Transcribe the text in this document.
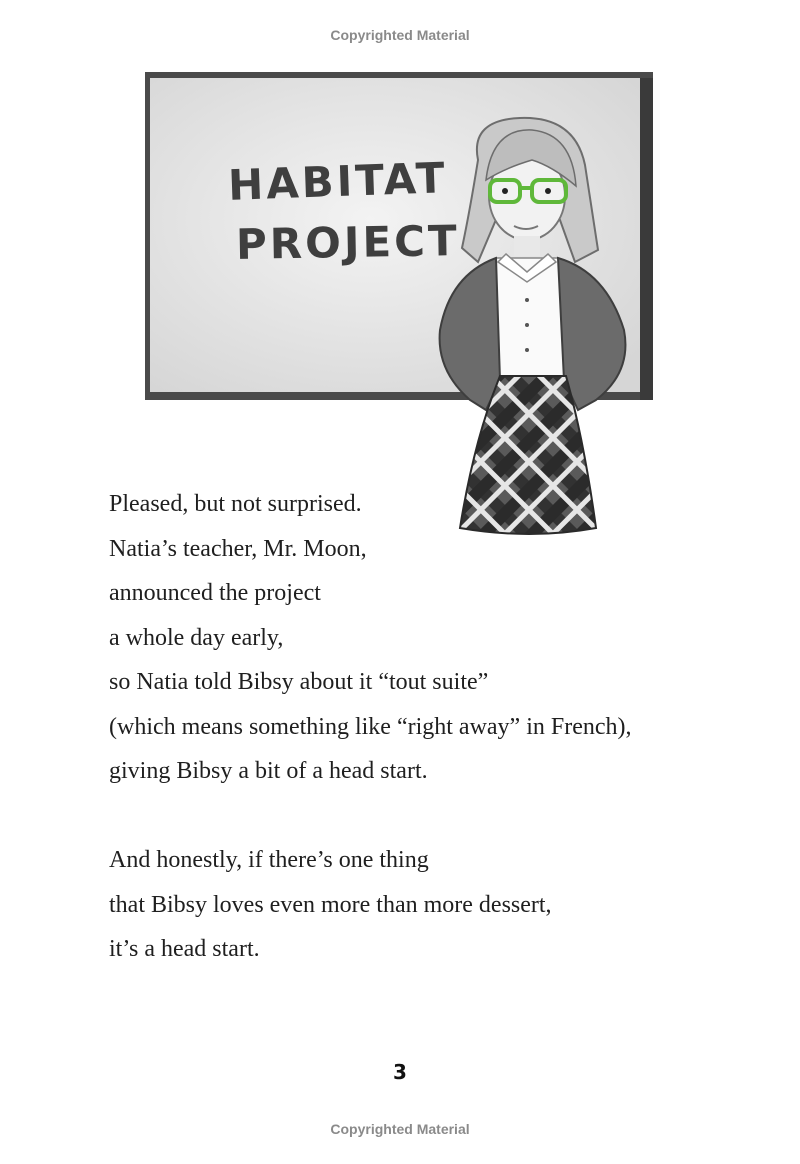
Copyrighted Material
HABITAT
PROJECT

Pleased, but not surprised.
Natia’s teacher, Mr. Moon,
announced the project
a whole day early,
so Natia told Bibsy about it “tout suite”
(which means something like “right away” in French),
giving Bibsy a bit of a head start.

And honestly, if there’s one thing
that Bibsy loves even more than more dessert,
it’s a head start.

3
Copyrighted Material
